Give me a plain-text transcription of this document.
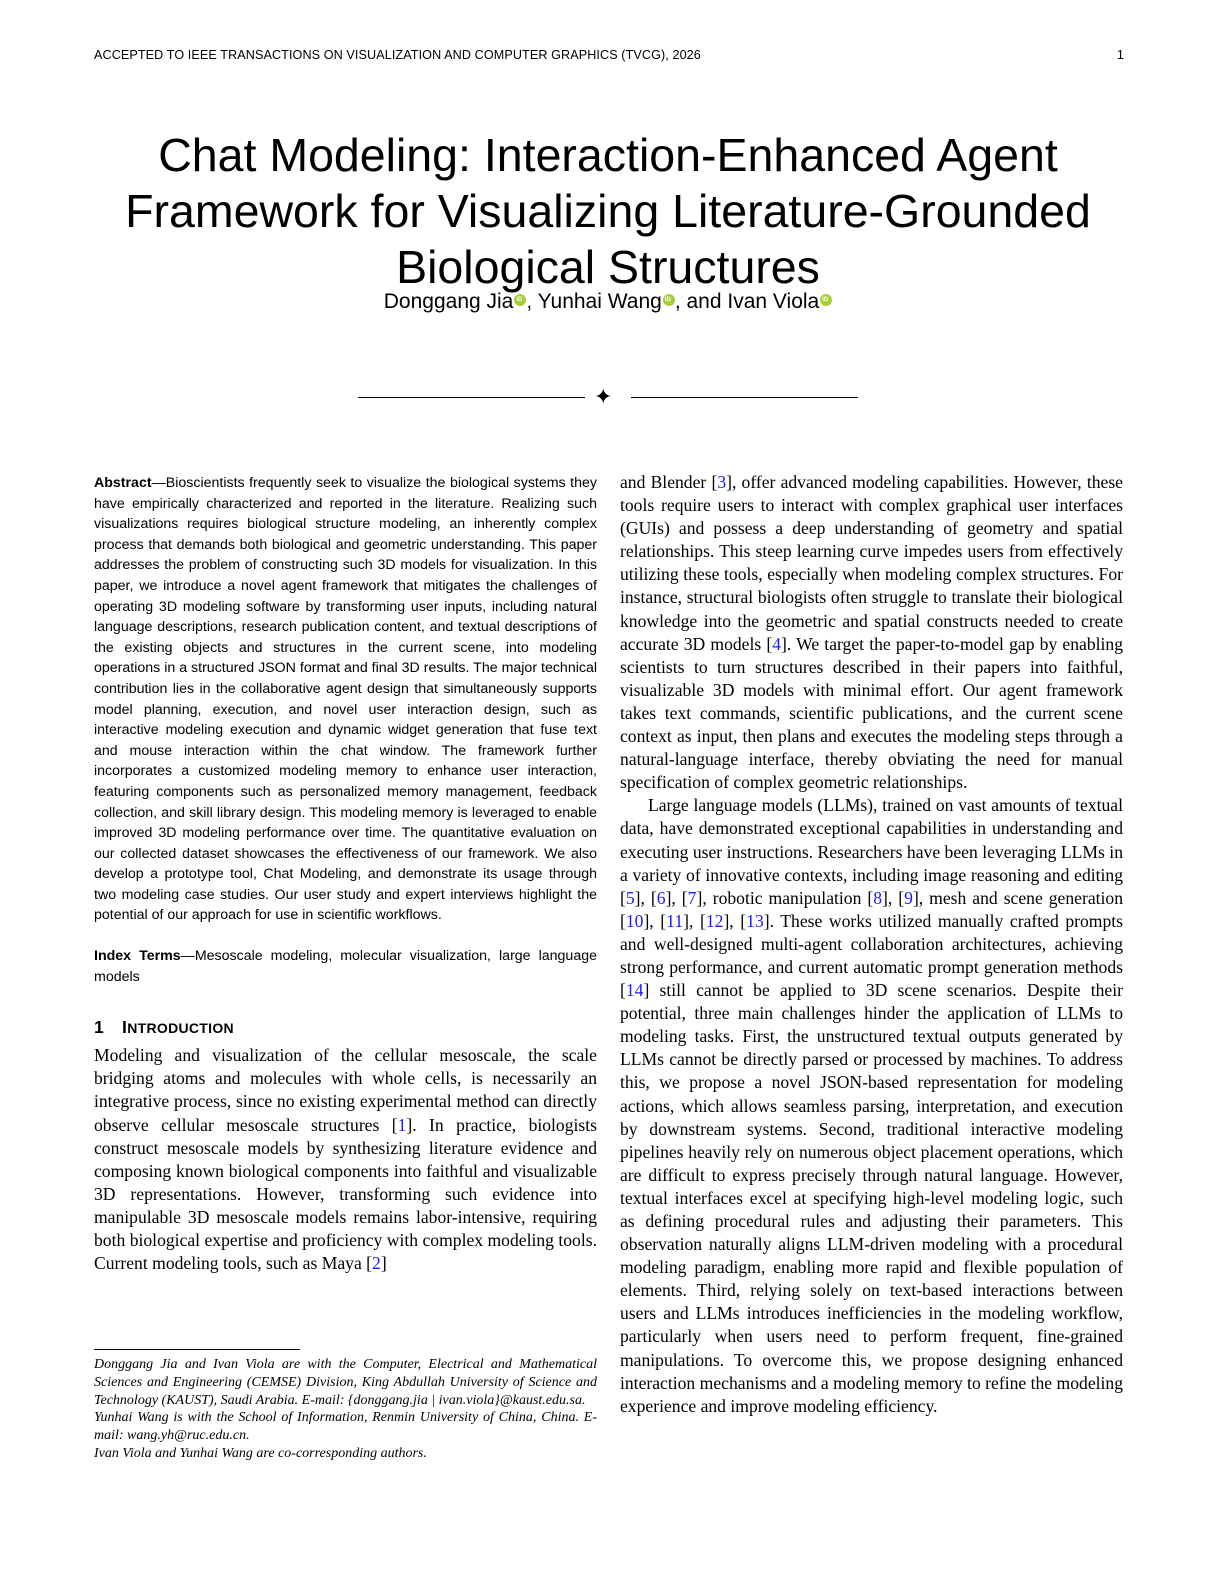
ACCEPTED TO IEEE TRANSACTIONS ON VISUALIZATION AND COMPUTER GRAPHICS (TVCG), 2026	1
Chat Modeling: Interaction-Enhanced Agent
Framework for Visualizing Literature-Grounded
Biological Structures
Donggang Jia iD , Yunhai Wang iD , and Ivan ViolaiD
✦

Abstract—Bioscientists frequently seek to visualize the biological systems they have empirically characterized and reported in the literature. Realizing such visualizations requires biological structure modeling, an inherently complex process that demands both biological and geometric understanding. This paper addresses the problem of constructing such 3D models for visualization. In this paper, we introduce a novel agent framework that mitigates the challenges of operating 3D modeling software by transforming user inputs, including natural language descriptions, research publication content, and textual descriptions of the existing objects and structures in the current scene, into modeling operations in a structured JSON format and final 3D results. The major technical contribution lies in the collaborative agent design that simultaneously supports model planning, execution, and novel user interaction design, such as interactive modeling execution and dynamic widget generation that fuse text and mouse interaction within the chat window. The framework further incorporates a customized modeling memory to enhance user interaction, featuring components such as personalized memory management, feedback collection, and skill library design. This modeling memory is leveraged to enable improved 3D modeling performance over time. The quantitative evaluation on our collected dataset showcases the effectiveness of our framework. We also develop a prototype tool, Chat Modeling, and demonstrate its usage through two modeling case studies. Our user study and expert interviews highlight the potential of our approach for use in scientific workflows.

Index Terms—Mesoscale modeling, molecular visualization, large language models

1 INTRODUCTION

Modeling and visualization of the cellular mesoscale, the scale bridging atoms and molecules with whole cells, is necessarily an integrative process, since no existing experimental method can directly observe cellular mesoscale structures [1]. In practice, biologists construct mesoscale models by synthesizing literature evidence and composing known biological components into faithful and visualizable 3D representations. However, transforming such evidence into manipulable 3D mesoscale models remains labor-intensive, requiring both biological expertise and proficiency with complex modeling tools. Current modeling tools, such as Maya [2]

Donggang Jia and Ivan Viola are with the Computer, Electrical and Mathematical Sciences and Engineering (CEMSE) Division, King Abdullah University of Science and Technology (KAUST), Saudi Arabia. E-mail: {donggang.jia | ivan.viola}@kaust.edu.sa.

Yunhai Wang is with the School of Information, Renmin University of China, China. E-mail: wang.yh@ruc.edu.cn.

Ivan Viola and Yunhai Wang are co-corresponding authors.

and Blender [3], offer advanced modeling capabilities. However, these tools require users to interact with complex graphical user interfaces (GUIs) and possess a deep understanding of geometry and spatial relationships. This steep learning curve impedes users from effectively utilizing these tools, especially when modeling complex structures. For instance, structural biologists often struggle to translate their biological knowledge into the geometric and spatial constructs needed to create accurate 3D models [4]. We target the paper-to-model gap by enabling scientists to turn structures described in their papers into faithful, visualizable 3D models with minimal effort. Our agent framework takes text commands, scientific publications, and the current scene context as input, then plans and executes the modeling steps through a natural-language interface, thereby obviating the need for manual specification of complex geometric relationships.

Large language models (LLMs), trained on vast amounts of textual data, have demonstrated exceptional capabilities in understanding and executing user instructions. Researchers have been leveraging LLMs in a variety of innovative contexts, including image reasoning and editing [5], [6], [7], robotic manipulation [8], [9], mesh and scene generation [10], [11], [12], [13]. These works utilized manually crafted prompts and well-designed multi-agent collaboration architectures, achieving strong performance, and current automatic prompt generation methods [14] still cannot be applied to 3D scene scenarios. Despite their potential, three main challenges hinder the application of LLMs to modeling tasks. First, the unstructured textual outputs generated by LLMs cannot be directly parsed or processed by machines. To address this, we propose a novel JSON-based representation for modeling actions, which allows seamless parsing, interpretation, and execution by downstream systems. Second, traditional interactive modeling pipelines heavily rely on numerous object placement operations, which are difficult to express precisely through natural language. However, textual interfaces excel at specifying high-level modeling logic, such as defining procedural rules and adjusting their parameters. This observation naturally aligns LLM-driven modeling with a procedural modeling paradigm, enabling more rapid and flexible population of elements. Third, relying solely on text-based interactions between users and LLMs introduces inefficiencies in the modeling workflow, particularly when users need to perform frequent, fine-grained manipulations. To overcome this, we propose designing enhanced interaction mechanisms and a modeling memory to refine the modeling experience and improve modeling efficiency.
